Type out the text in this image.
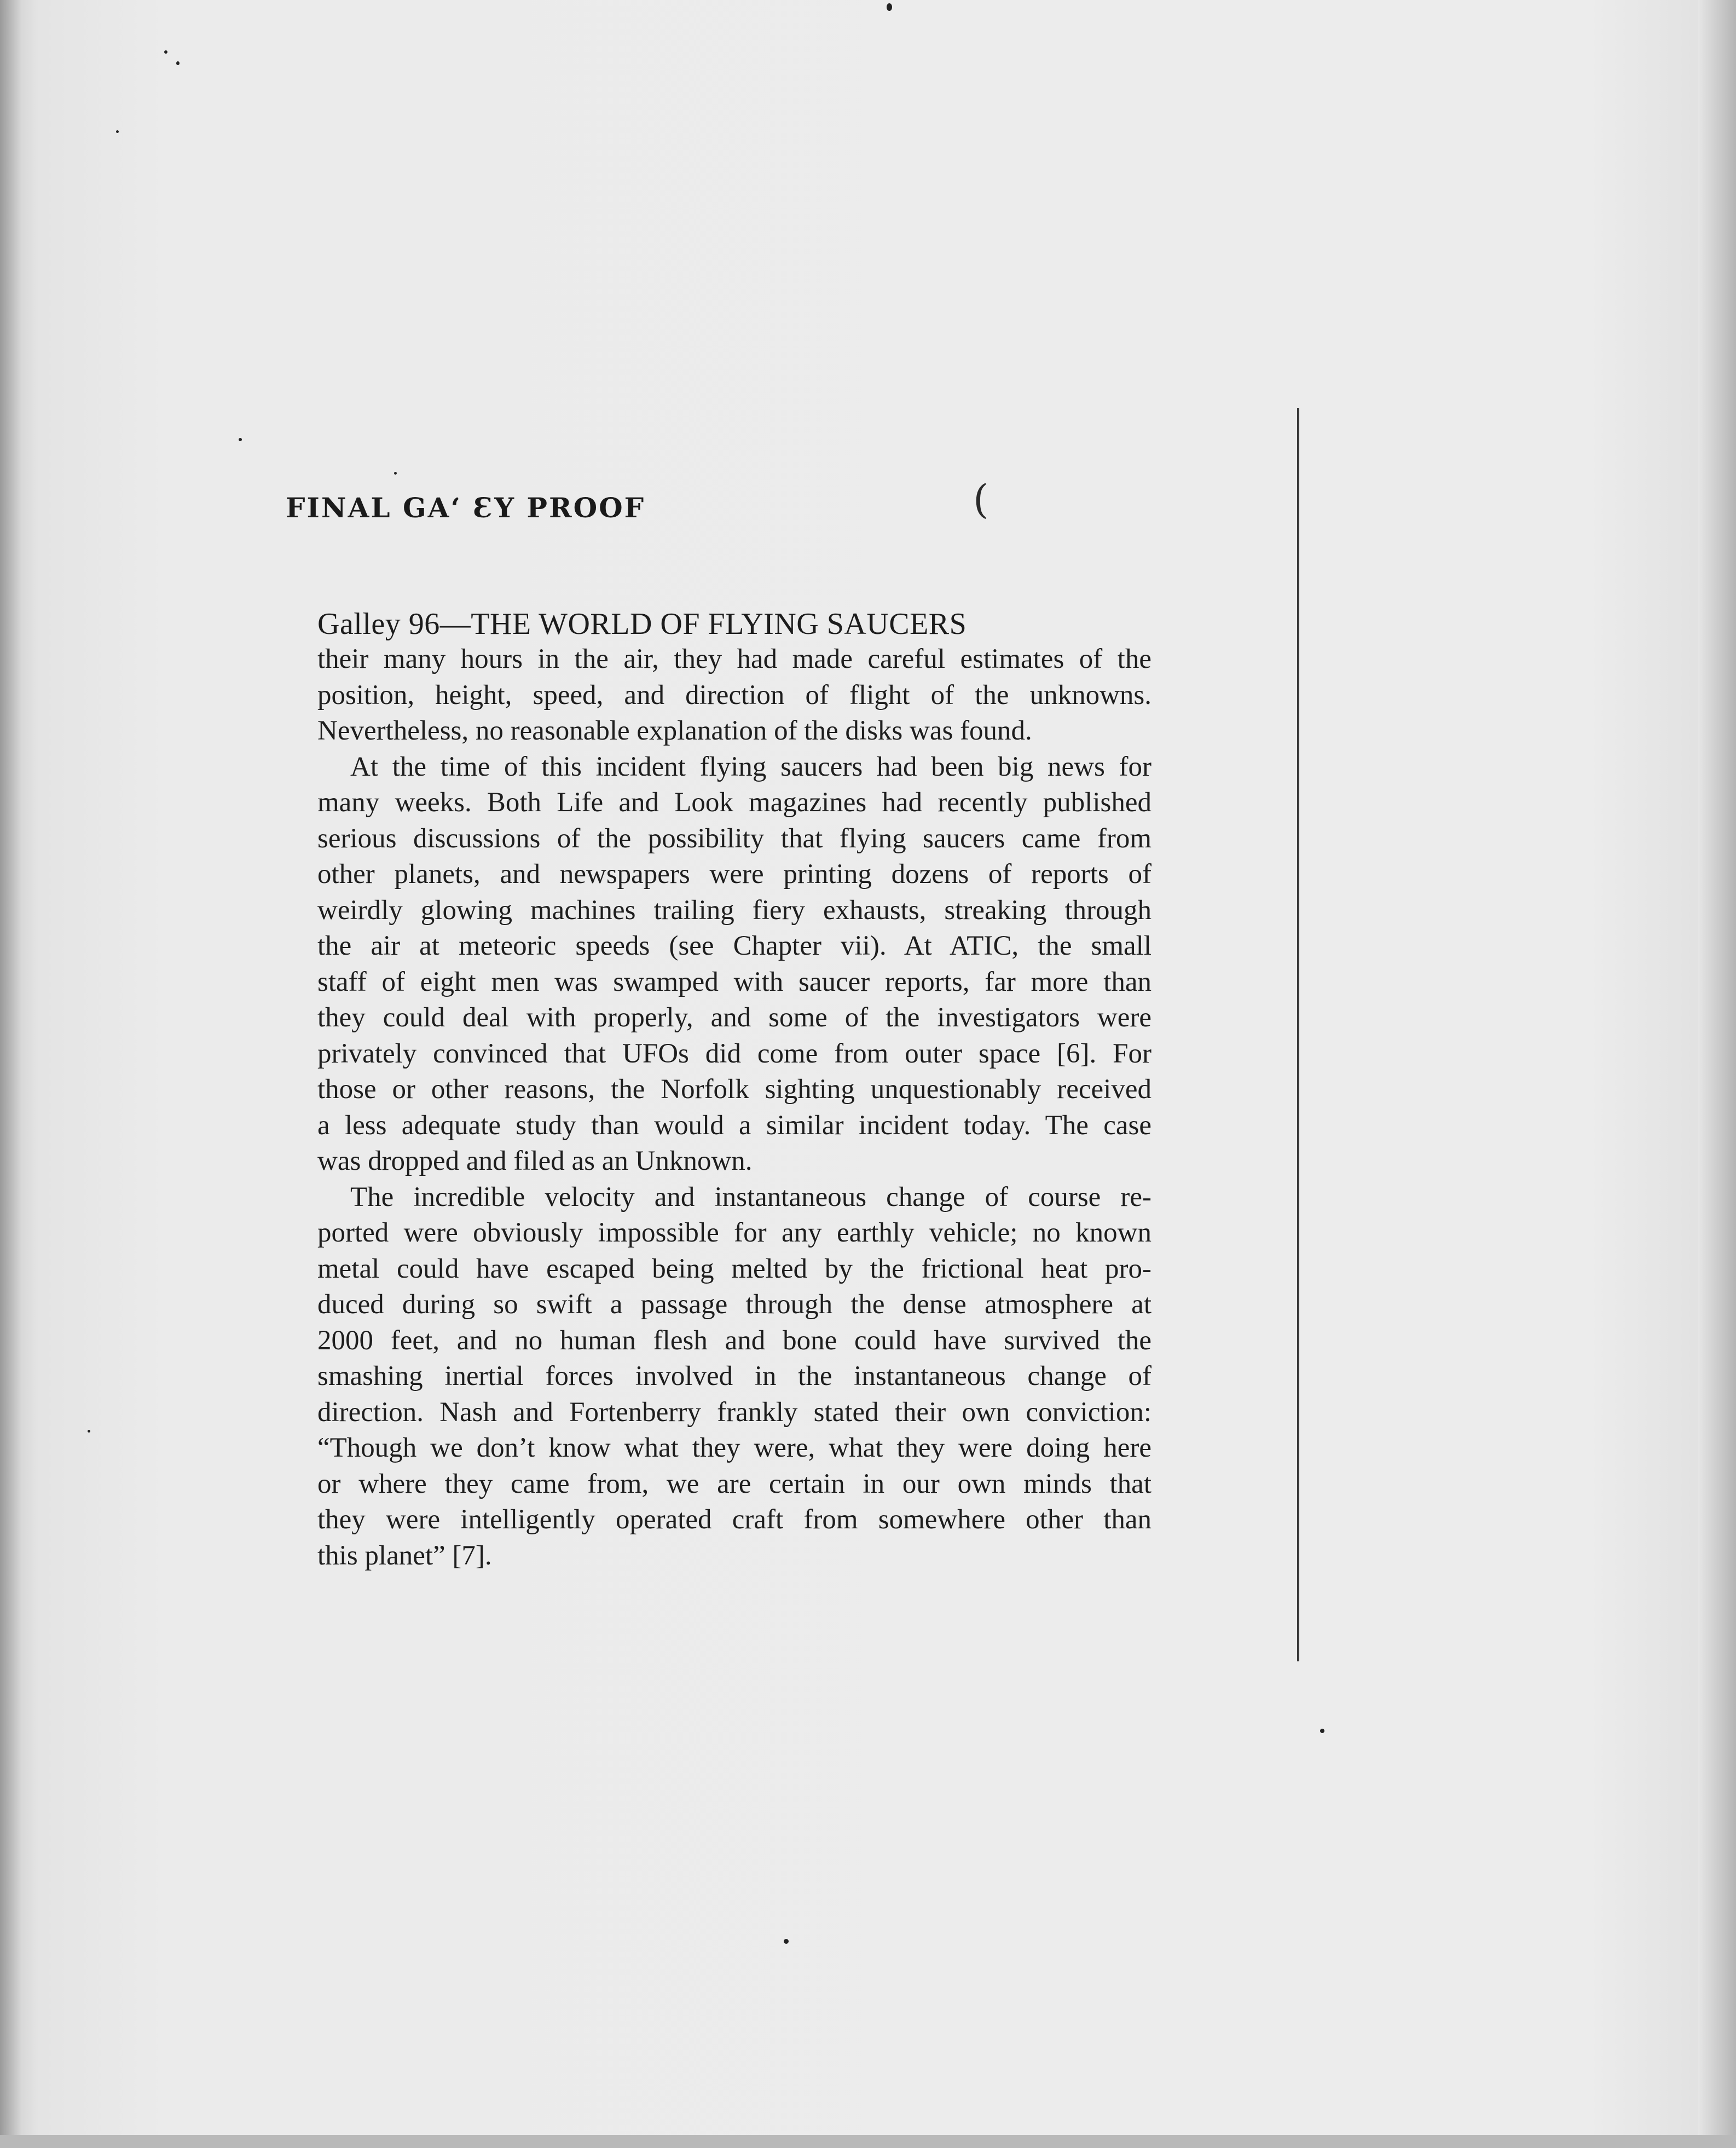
FINAL GA‘ ƐY PROOF	(
Galley 96—THE WORLD OF FLYING SAUCERS
their many hours in the air, they had made careful estimates of the
position, height, speed, and direction of flight of the unknowns.
Nevertheless, no reasonable explanation of the disks was found.
At the time of this incident flying saucers had been big news for
many weeks. Both Life and Look magazines had recently published
serious discussions of the possibility that flying saucers came from
other planets, and newspapers were printing dozens of reports of
weirdly glowing machines trailing fiery exhausts, streaking through
the air at meteoric speeds (see Chapter vii). At ATIC, the small
staff of eight men was swamped with saucer reports, far more than
they could deal with properly, and some of the investigators were
privately convinced that UFOs did come from outer space [6]. For
those or other reasons, the Norfolk sighting unquestionably received
a less adequate study than would a similar incident today. The case
was dropped and filed as an Unknown.
The incredible velocity and instantaneous change of course re-
ported were obviously impossible for any earthly vehicle; no known
metal could have escaped being melted by the frictional heat pro-
duced during so swift a passage through the dense atmosphere at
2000 feet, and no human flesh and bone could have survived the
smashing inertial forces involved in the instantaneous change of
direction. Nash and Fortenberry frankly stated their own conviction:
“Though we don’t know what they were, what they were doing here
or where they came from, we are certain in our own minds that
they were intelligently operated craft from somewhere other than
this planet” [7].
